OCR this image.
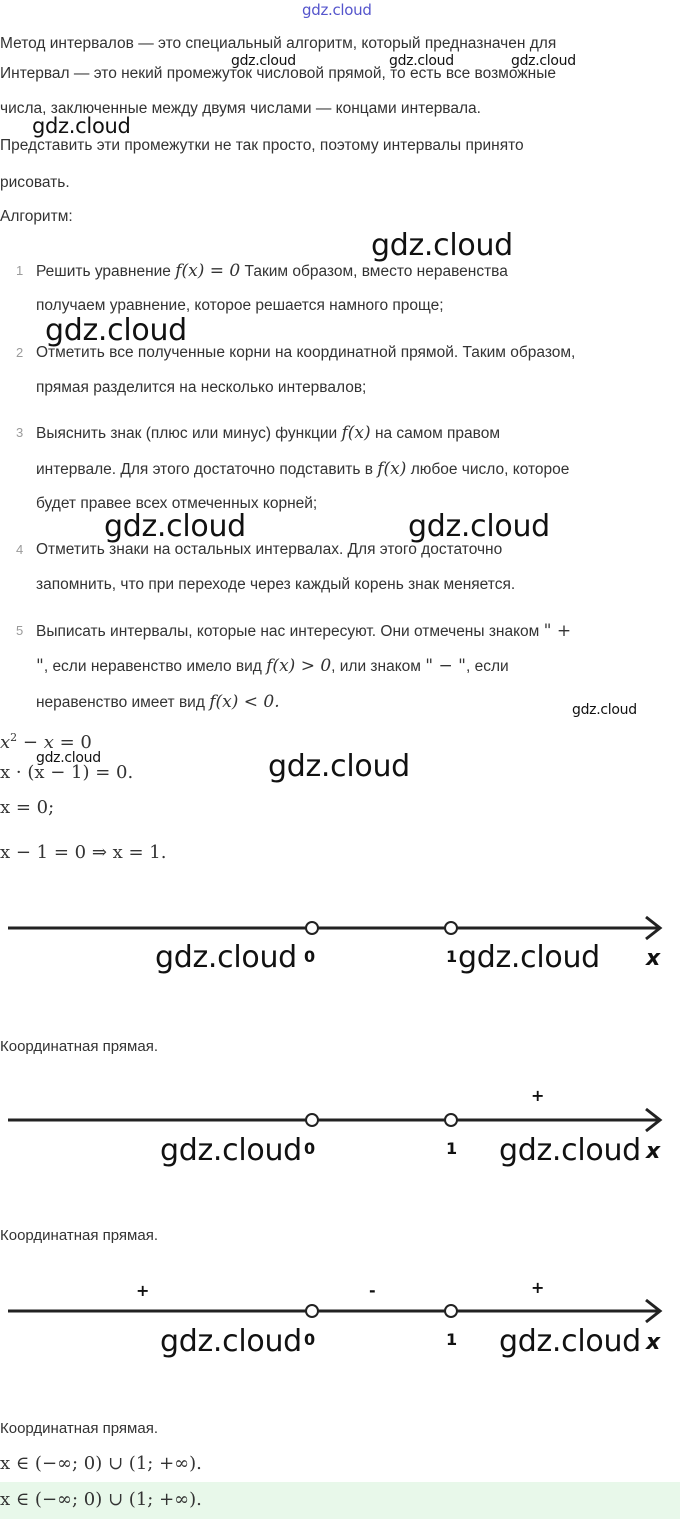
gdz.cloud
Метод интервалов — это специальный алгоритм, который предназначен для
Интервал — это некий промежуток числовой прямой, то есть все возможные
числа, заключенные между двумя числами — концами интервала.
Представить эти промежутки не так просто, поэтому интервалы принято
рисовать.
Алгоритм:
1 Решить уравнение f(x) = 0 Таким образом, вместо неравенства
получаем уравнение, которое решается намного проще;
2 Отметить все полученные корни на координатной прямой. Таким образом,
прямая разделится на несколько интервалов;
3 Выяснить знак (плюс или минус) функции f(x) на самом правом
интервале. Для этого достаточно подставить в f(x) любое число, которое
будет правее всех отмеченных корней;
4 Отметить знаки на остальных интервалах. Для этого достаточно
запомнить, что при переходе через каждый корень знак меняется.
5 Выписать интервалы, которые нас интересуют. Они отмечены знаком " +
", если неравенство имело вид f(x) > 0, или знаком " − ", если
неравенство имеет вид f(x) < 0.
$x^2 - x = 0$
x · (x − 1) = 0.
x = 0;
x − 1 = 0 ⇒ x = 1.
0	1	x
Координатная прямая.
+
0	1	x
Координатная прямая.
+	-	+
0	1	x
Координатная прямая.
x ∈ (−∞; 0) ∪ (1; +∞).
x ∈ (−∞; 0) ∪ (1; +∞).
gdz.cloud	gdz.cloud	gdz.cloud
gdz.cloud
gdz.cloud
gdz.cloud
gdz.cloud	gdz.cloud
gdz.cloud
gdz.cloud	gdz.cloud
gdz.cloud	gdz.cloud
gdz.cloud	gdz.cloud
gdz.cloud	gdz.cloud
